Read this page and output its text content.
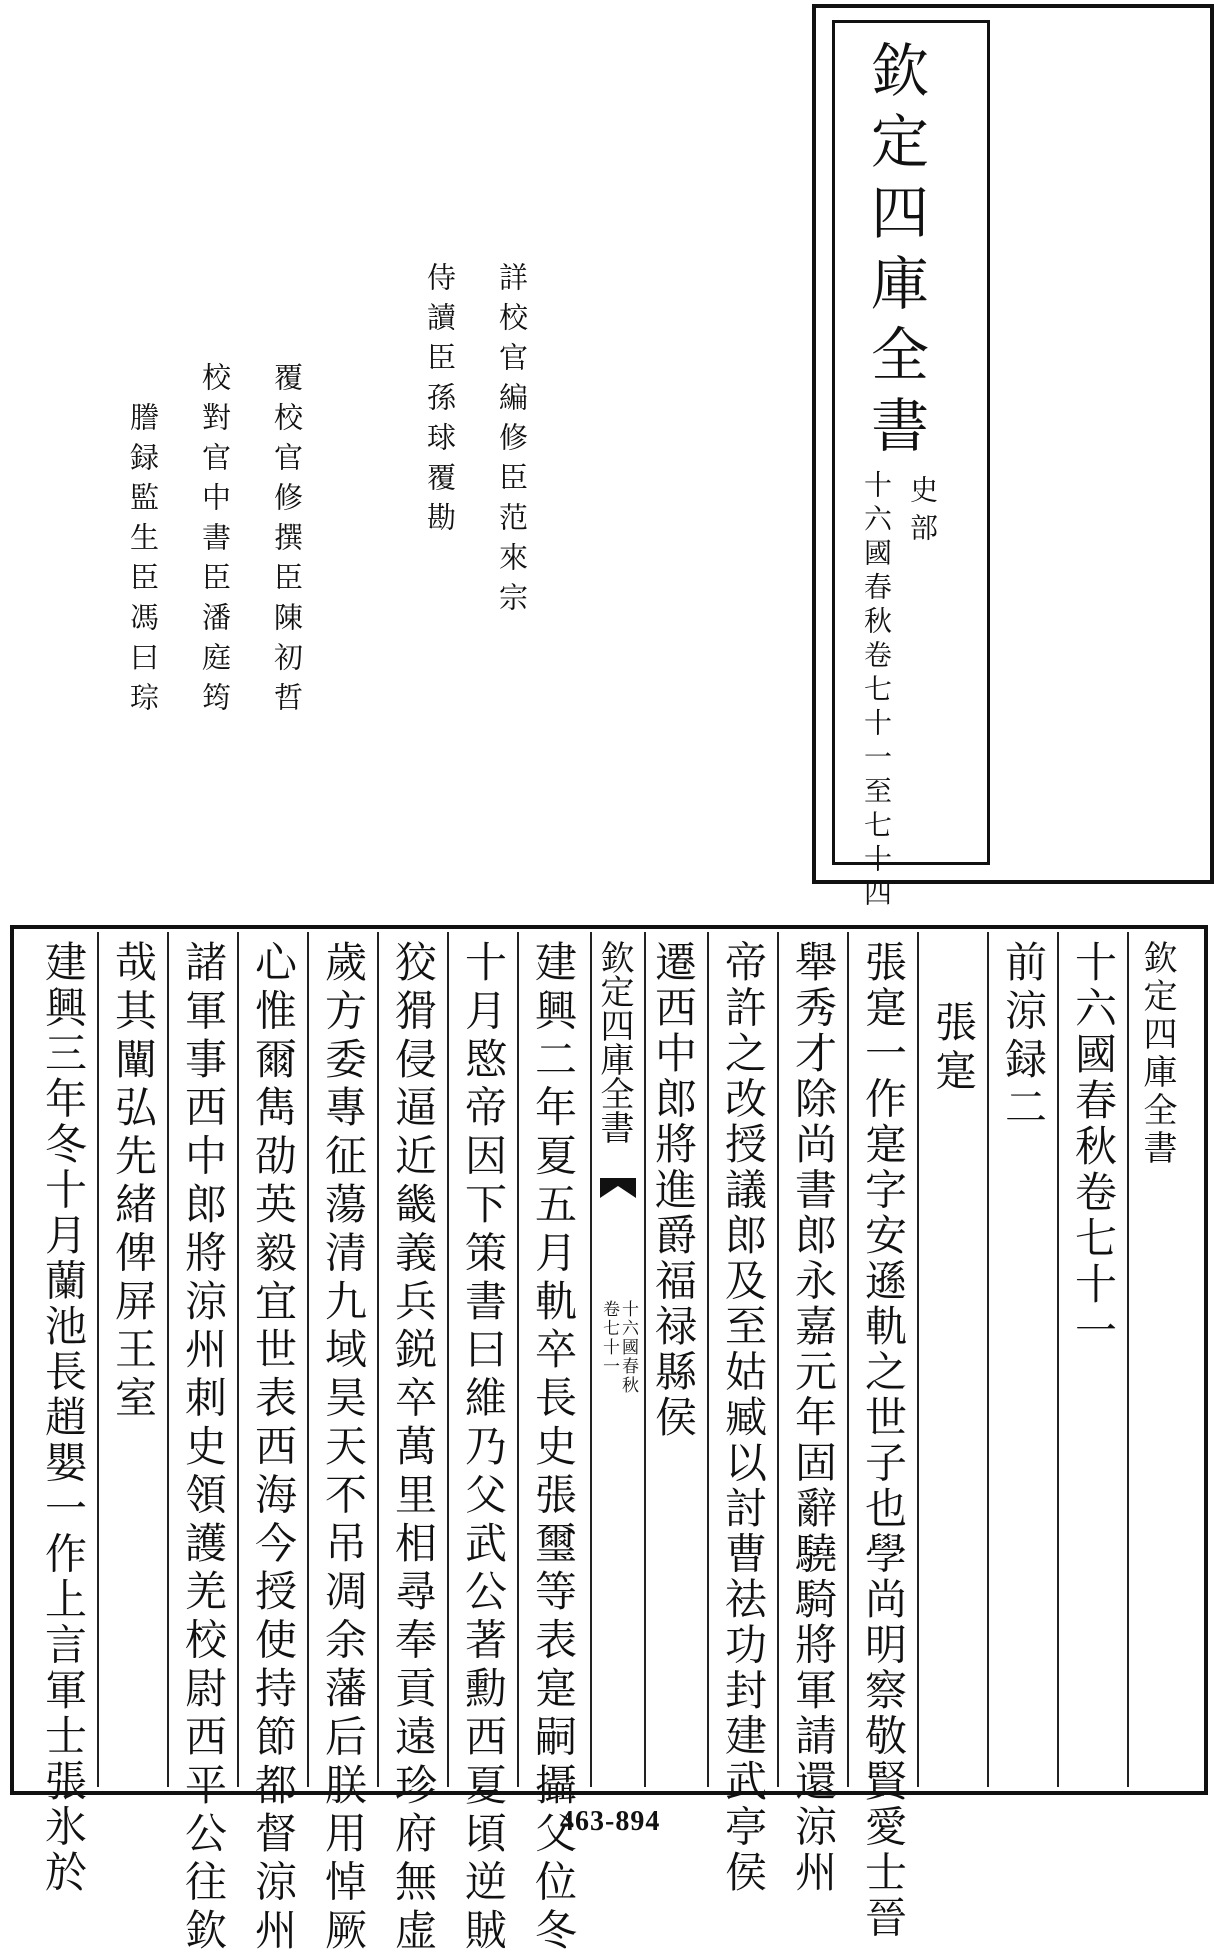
欽定四庫全書
史部
十六國春秋卷七十一至七十四
詳校官編修臣范來宗
侍讀臣孫球覆勘
覆校官修撰臣陳初哲
校對官中書臣潘庭筠
謄録監生臣馮曰琮
欽定四庫全書
十六國春秋卷七十一
前涼録二
張寔
張寔一作寔字安遜軌之世子也學尚明察敬賢愛士晉
舉秀才除尚書郎永嘉元年固辭驍騎將軍請還涼州
帝許之改授議郎及至姑臧以討曹祛功封建武亭侯
遷西中郎將進爵福禄縣侯
欽定四庫全書
十六國春秋
卷七十一
建興二年夏五月軌卒長史張璽等表寔嗣攝父位冬
十月愍帝因下策書曰維乃父武公著勳西夏頃逆賊
狡猾侵逼近畿義兵鋭卒萬里相尋奉貢遠珍府無虚
歲方委專征蕩清九域昊天不吊凋余藩后朕用悼厥
心惟爾雋劭英毅宜世表西海今授使持節都督涼州
諸軍事西中郎將涼州刺史領護羌校尉西平公往欽
哉其闡弘先緒俾屏王室
建興三年冬十月蘭池長趙嬰一作上言軍士張氷於	463-894
